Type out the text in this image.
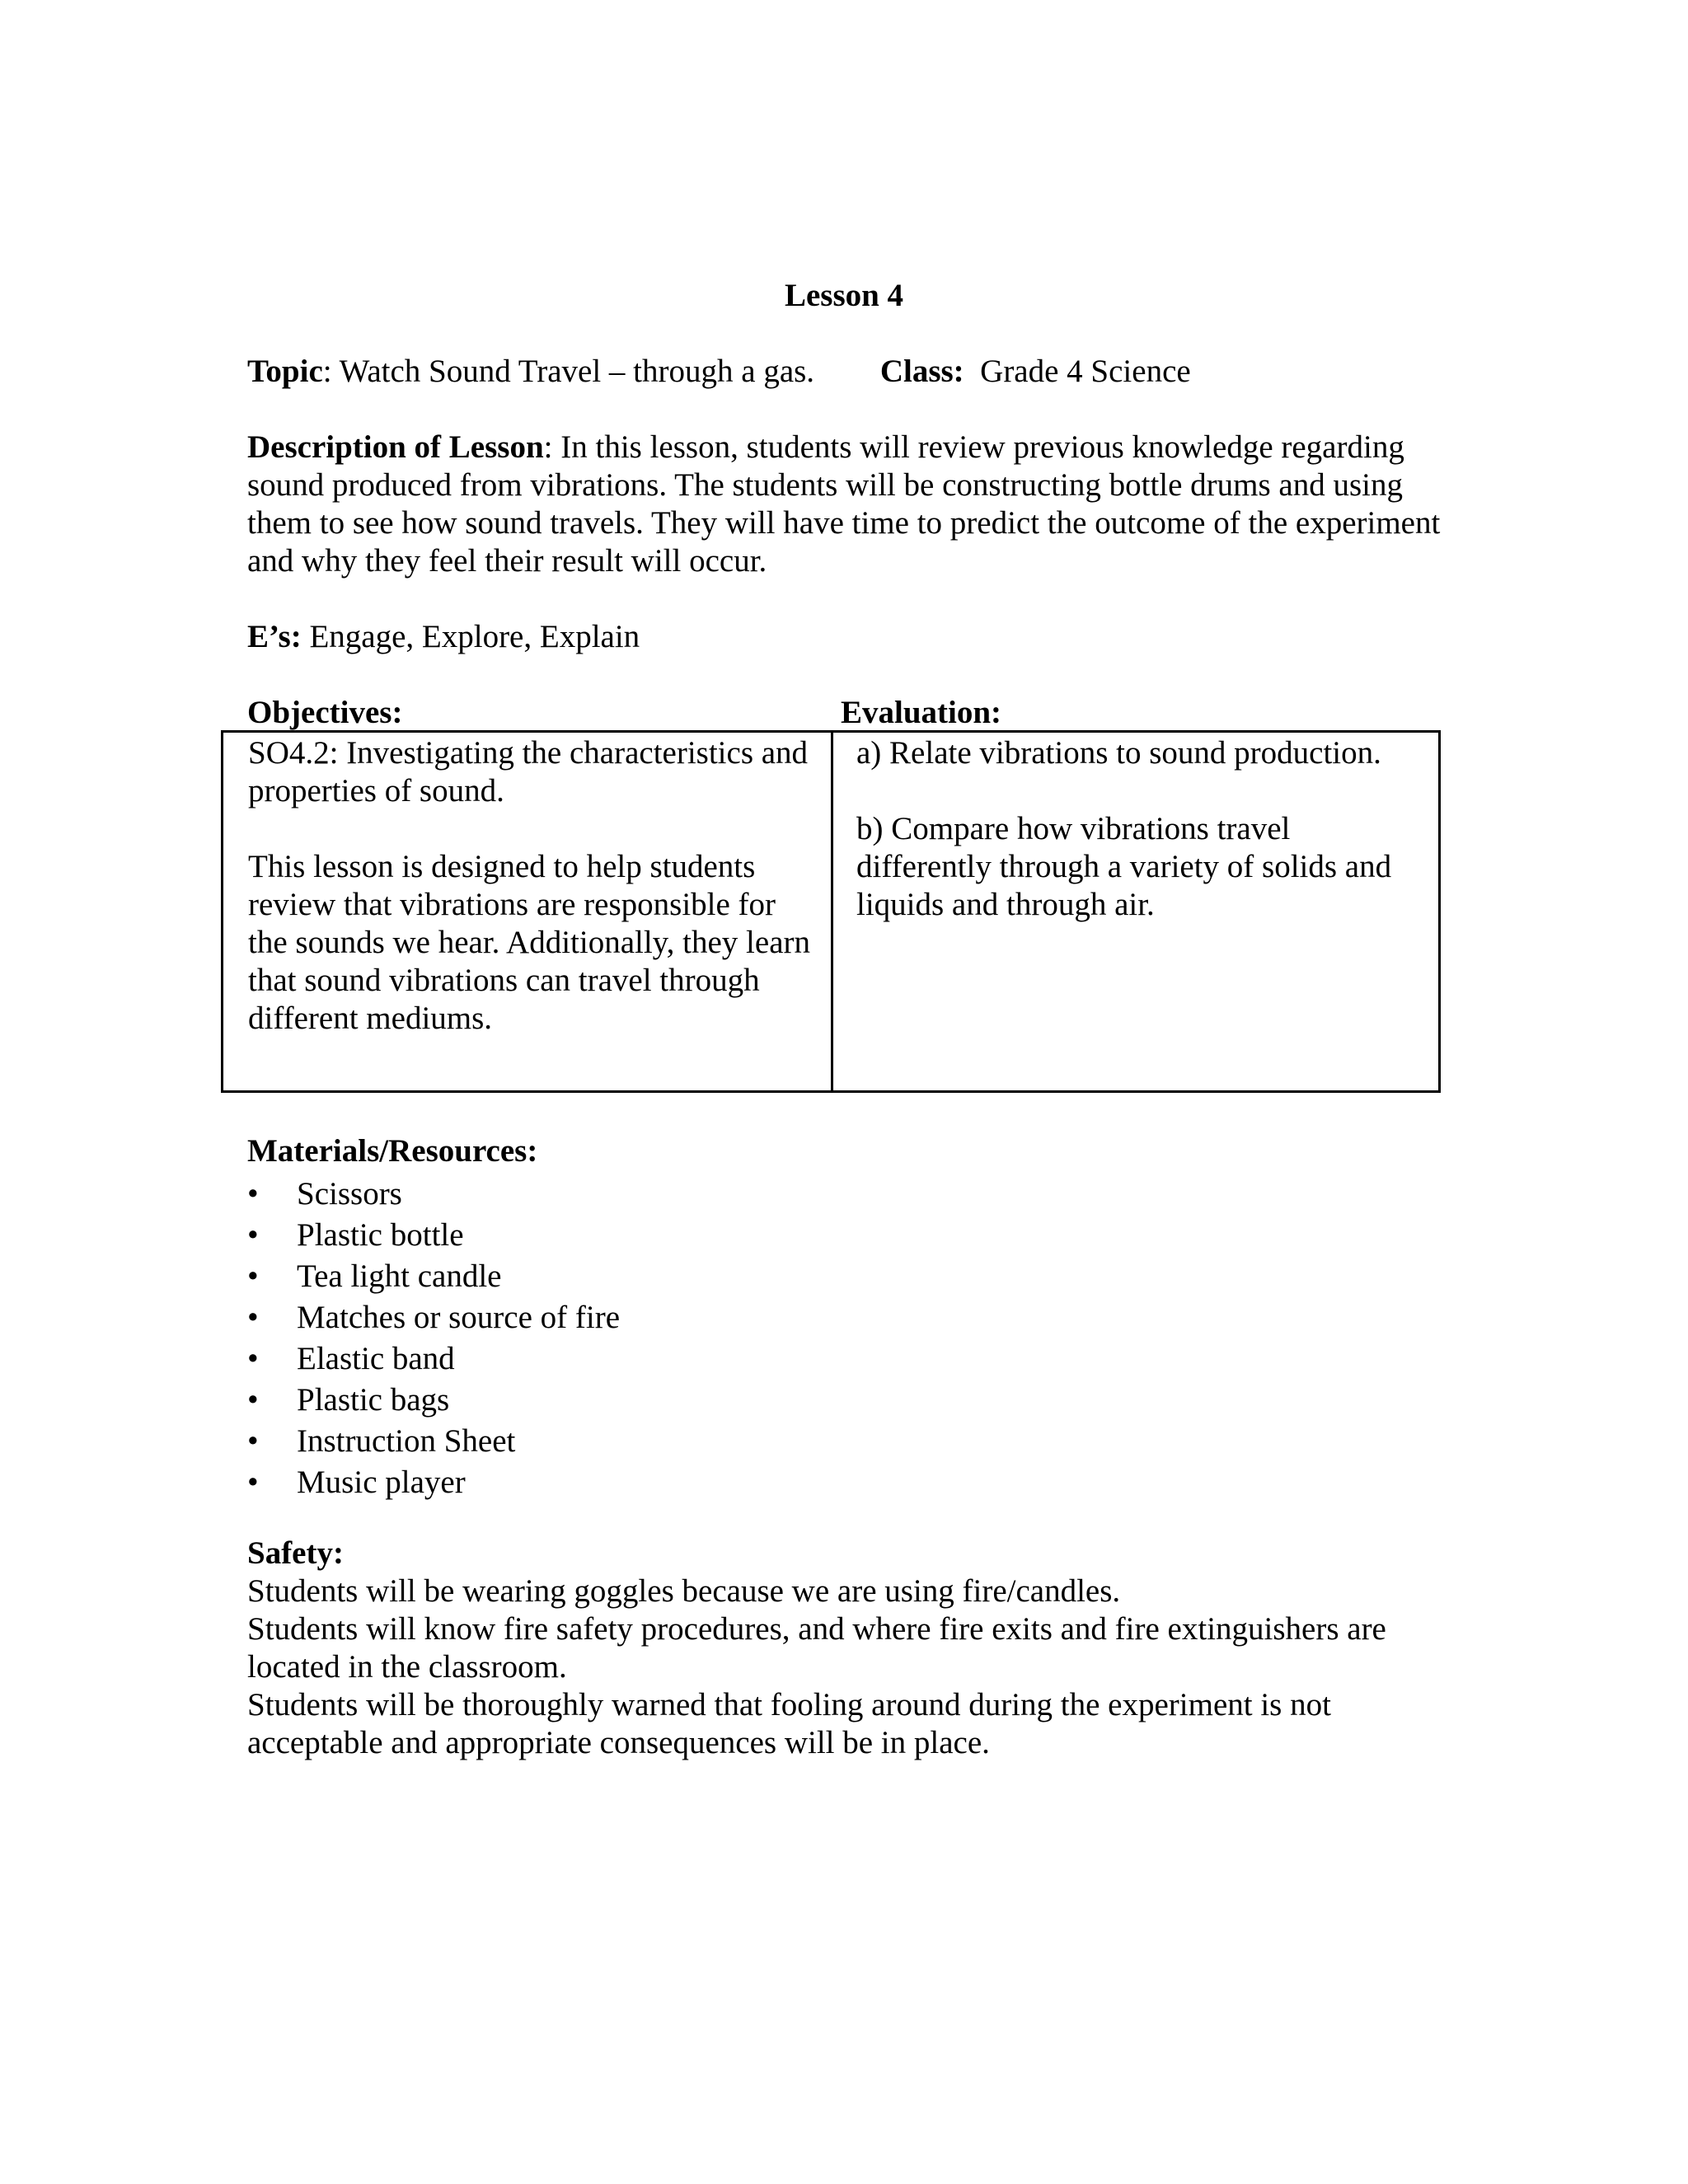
Lesson 4
Topic: Watch Sound Travel – through a gas. Class: Grade 4 Science
Description of Lesson: In this lesson, students will review previous knowledge regarding sound produced from vibrations. The students will be constructing bottle drums and using them to see how sound travels. They will have time to predict the outcome of the experiment and why they feel their result will occur.
E’s: Engage, Explore, Explain
Objectives:	Evaluation:
SO4.2: Investigating the characteristics and properties of sound.
This lesson is designed to help students review that vibrations are responsible for the sounds we hear. Additionally, they learn that sound vibrations can travel through different mediums.
a) Relate vibrations to sound production.
b) Compare how vibrations travel differently through a variety of solids and liquids and through air.
Materials/Resources:
• Scissors
• Plastic bottle
• Tea light candle
• Matches or source of fire
• Elastic band
• Plastic bags
• Instruction Sheet
• Music player
Safety:

Students will be wearing goggles because we are using fire/candles.

Students will know fire safety procedures, and where fire exits and fire extinguishers are located in the classroom.

Students will be thoroughly warned that fooling around during the experiment is not acceptable and appropriate consequences will be in place.
